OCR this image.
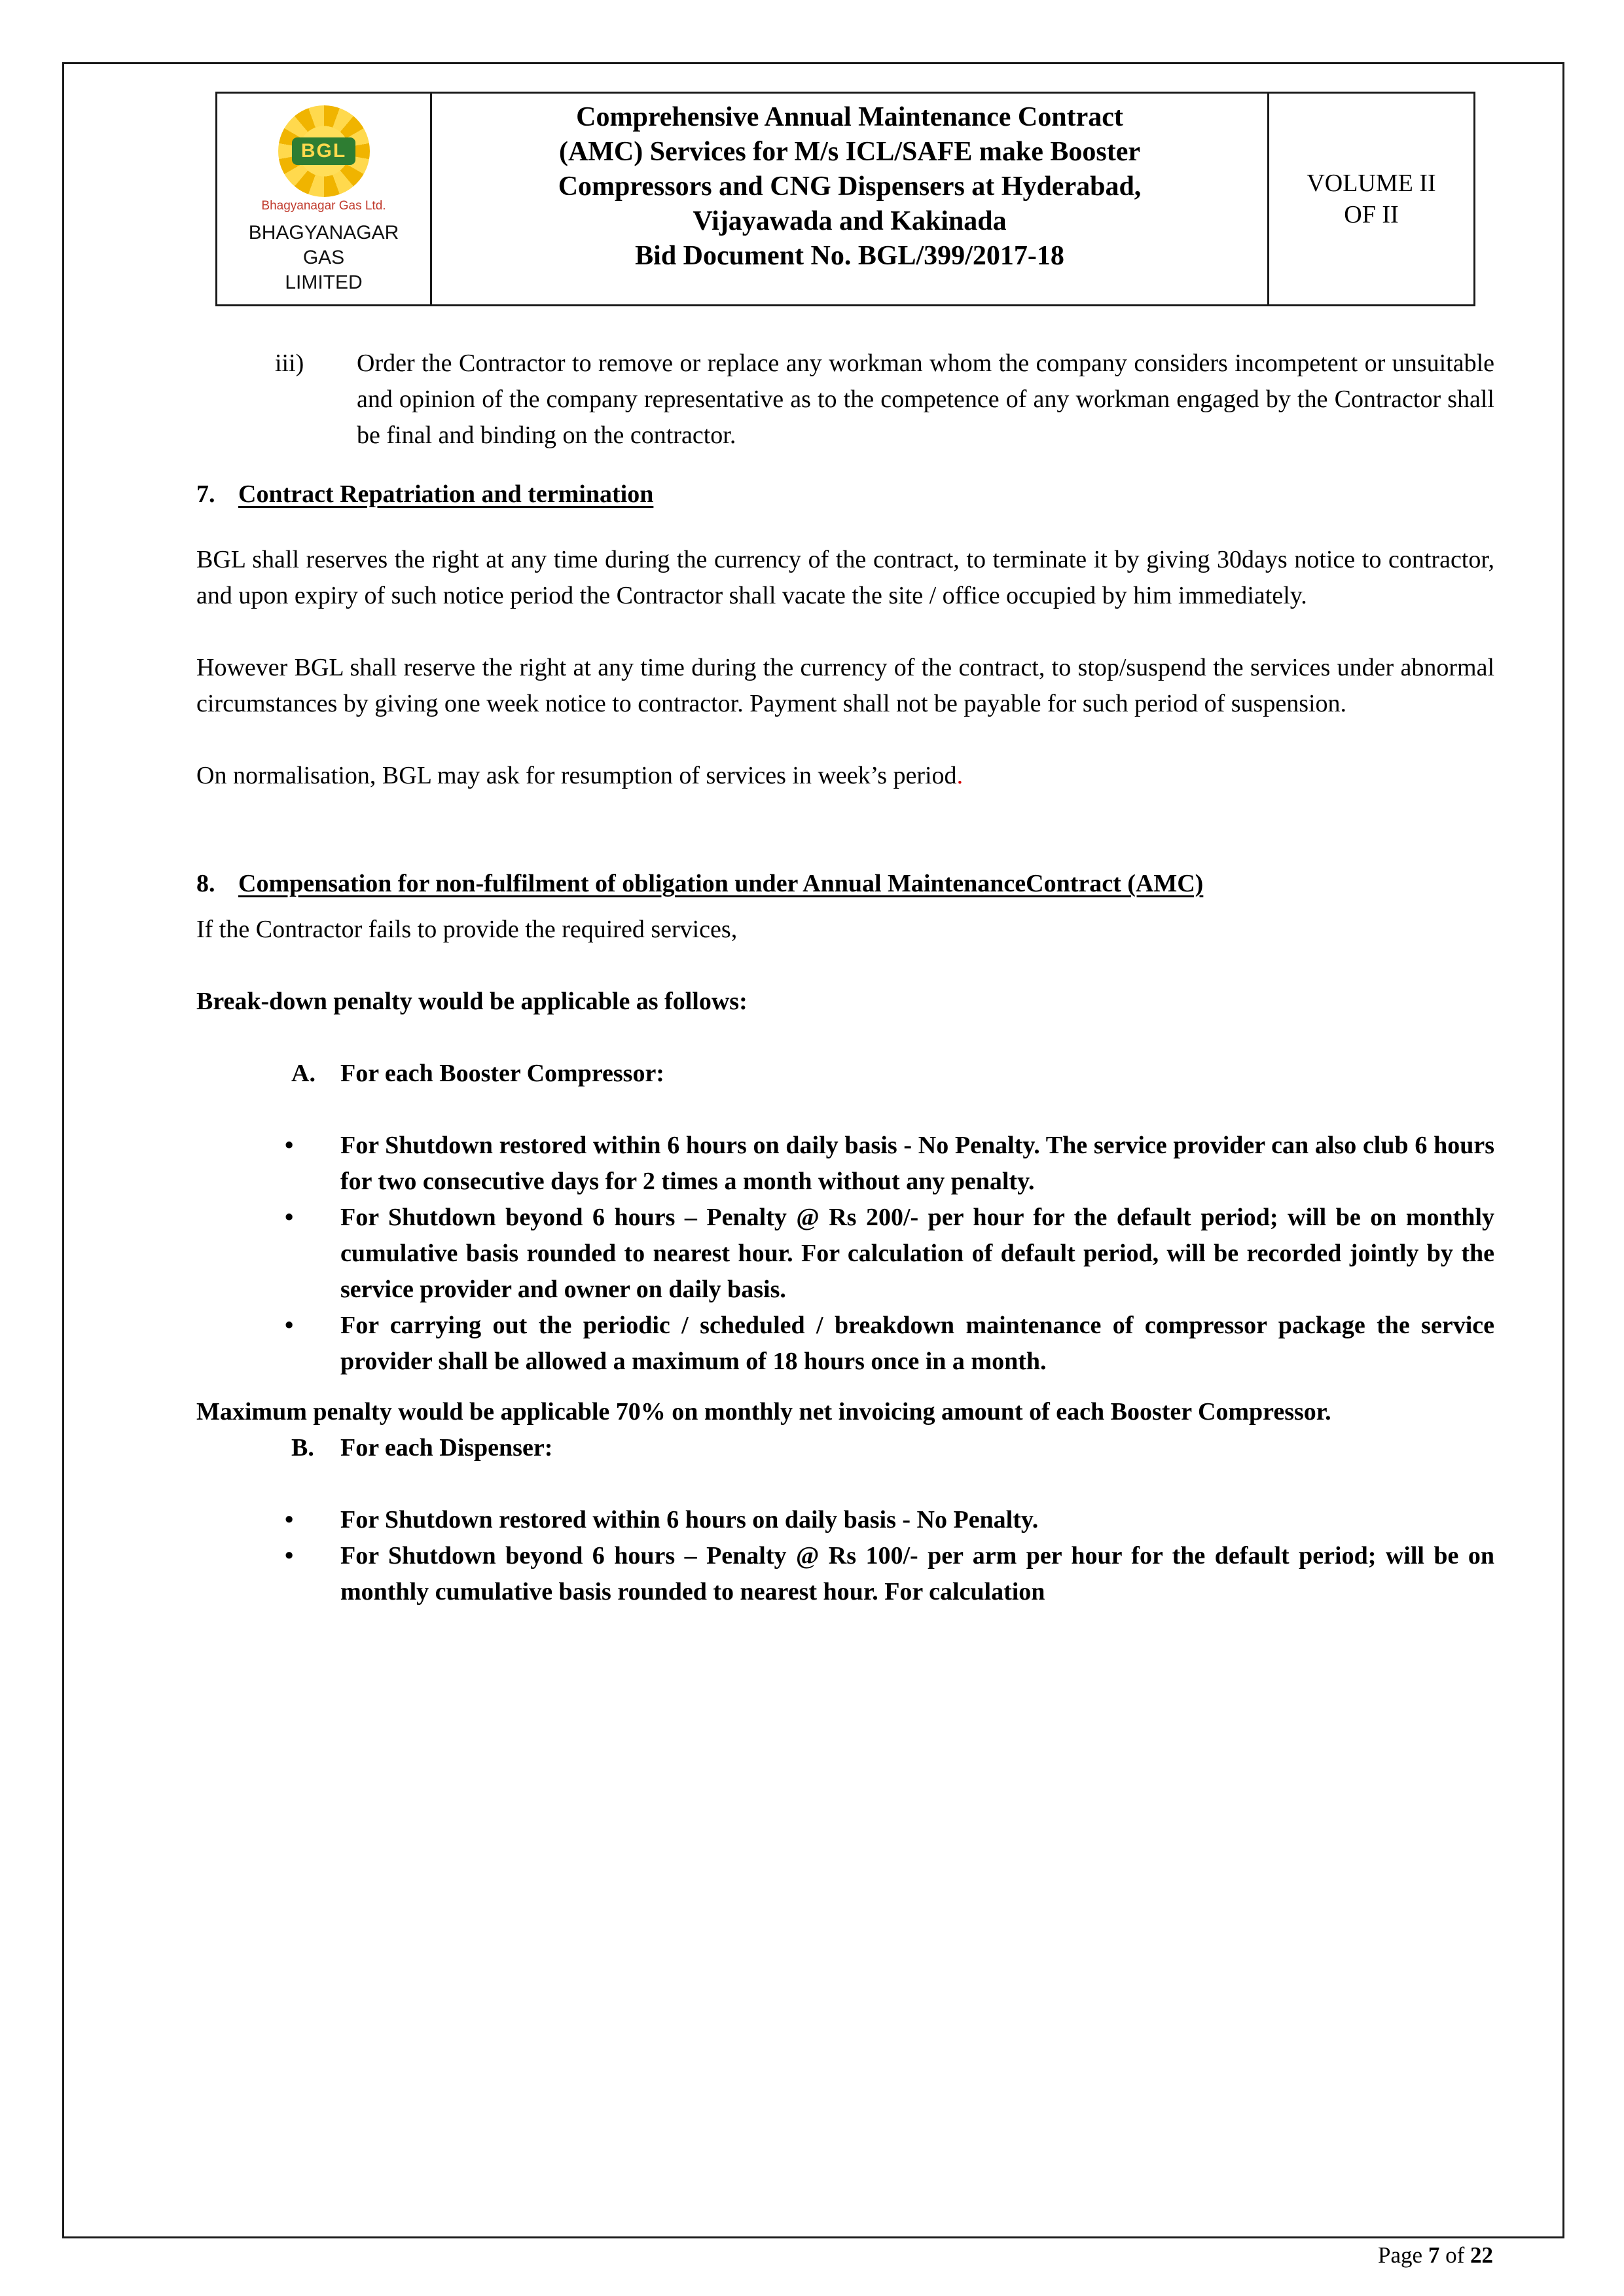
BGL
Bhagyanagar Gas Ltd.
BHAGYANAGAR GAS
LIMITED
Comprehensive Annual Maintenance Contract
(AMC) Services for M/s ICL/SAFE make Booster
Compressors and CNG Dispensers at Hyderabad,
Vijayawada and Kakinada
Bid Document No. BGL/399/2017-18
VOLUME II
OF II
iii)	Order the Contractor to remove or replace any workman whom the company considers incompetent or unsuitable and opinion of the company representative as to the competence of any workman engaged by the Contractor shall be final and binding on the contractor.
7. Contract Repatriation and termination

BGL shall reserves the right at any time during the currency of the contract, to terminate it by giving 30days notice to contractor, and upon expiry of such notice period the Contractor shall vacate the site / office occupied by him immediately.

However BGL shall reserve the right at any time during the currency of the contract, to stop/suspend the services under abnormal circumstances by giving one week notice to contractor. Payment shall not be payable for such period of suspension.

On normalisation, BGL may ask for resumption of services in week’s period.

8. Compensation for non-fulfilment of obligation under Annual MaintenanceContract (AMC)

If the Contractor fails to provide the required services,

Break-down penalty would be applicable as follows:

A.	For each Booster Compressor:
•	For Shutdown restored within 6 hours on daily basis - No Penalty. The service provider can also club 6 hours for two consecutive days for 2 times a month without any penalty.
•	For Shutdown beyond 6 hours – Penalty @ Rs 200/- per hour for the default period; will be on monthly cumulative basis rounded to nearest hour. For calculation of default period, will be recorded jointly by the service provider and owner on daily basis.
•	For carrying out the periodic / scheduled / breakdown maintenance of compressor package the service provider shall be allowed a maximum of 18 hours once in a month.

Maximum penalty would be applicable 70% on monthly net invoicing amount of each Booster Compressor.

B.	For each Dispenser:
•	For Shutdown restored within 6 hours on daily basis - No Penalty.
•	For Shutdown beyond 6 hours – Penalty @ Rs 100/- per arm per hour for the default period; will be on monthly cumulative basis rounded to nearest hour. For calculation
Page 7 of 22
